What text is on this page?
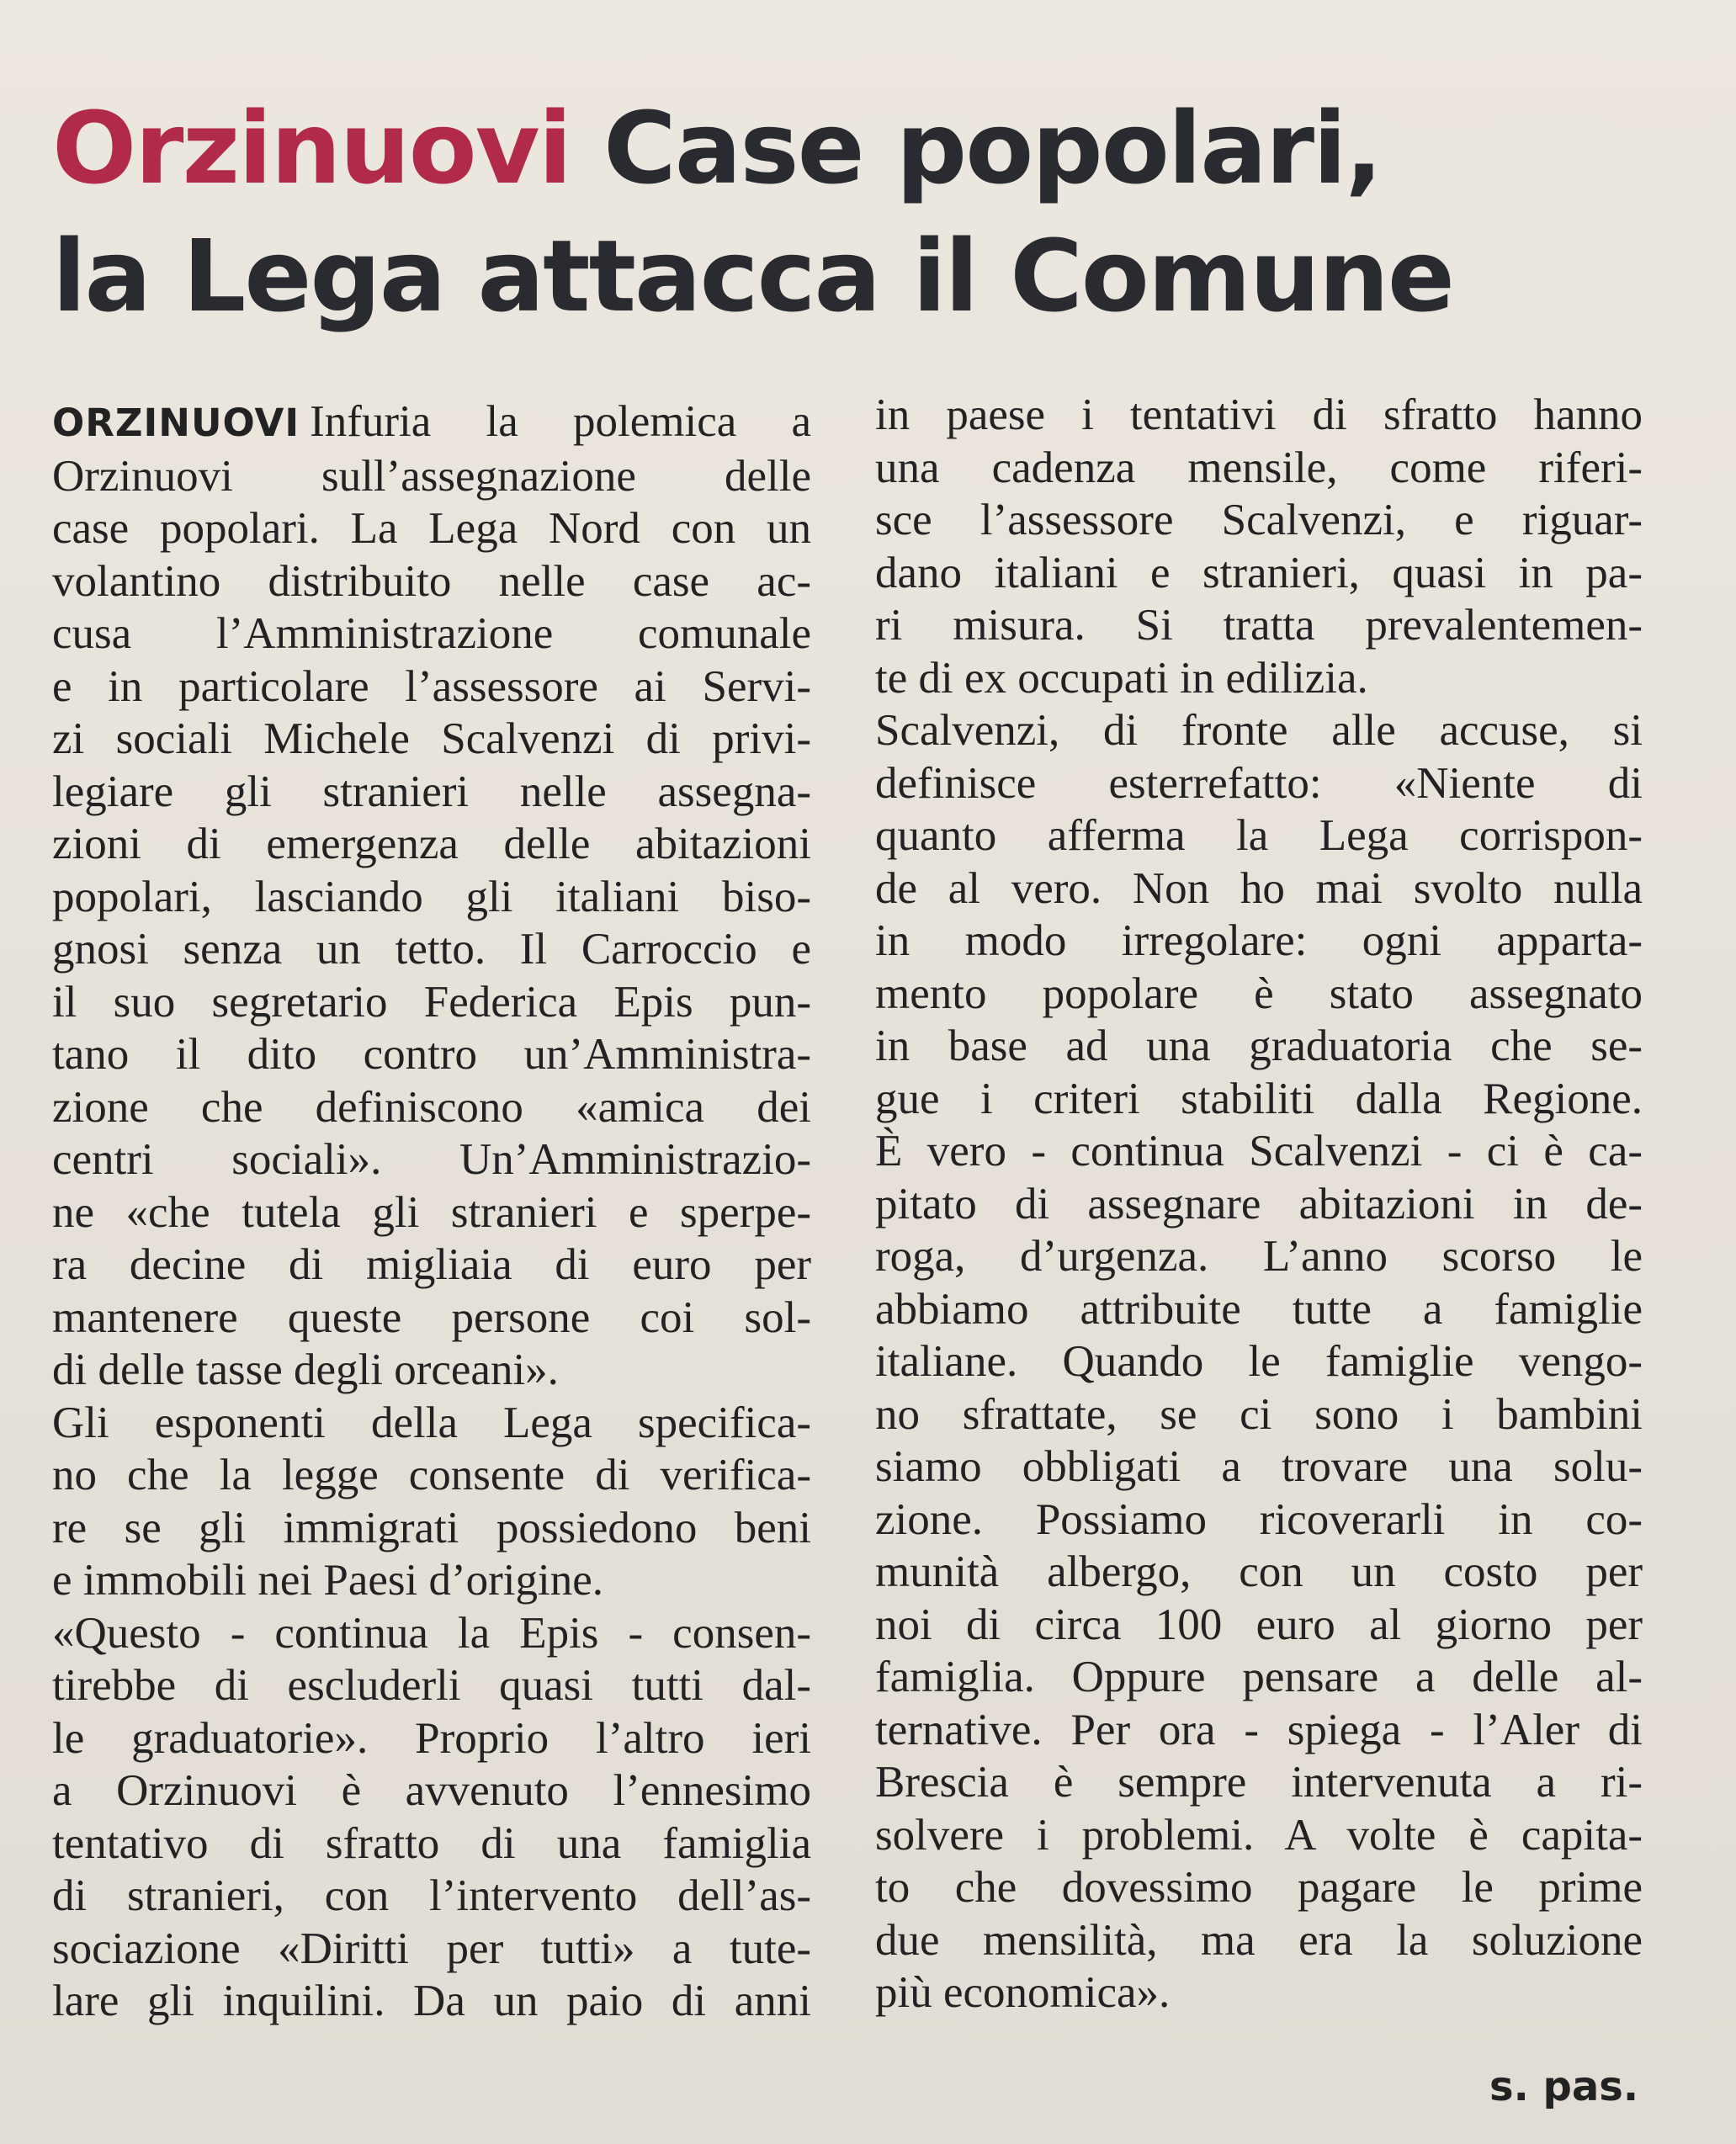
Orzinuovi Case popolari,
la Lega attacca il Comune
ORZINUOVI Infuria la polemica a
Orzinuovi sull’assegnazione delle
case popolari. La Lega Nord con un
volantino distribuito nelle case ac-
cusa l’Amministrazione comunale
e in particolare l’assessore ai Servi-
zi sociali Michele Scalvenzi di privi-
legiare gli stranieri nelle assegna-
zioni di emergenza delle abitazioni
popolari, lasciando gli italiani biso-
gnosi senza un tetto. Il Carroccio e
il suo segretario Federica Epis pun-
tano il dito contro un’Amministra-
zione che definiscono «amica dei
centri sociali». Un’Amministrazio-
ne «che tutela gli stranieri e sperpe-
ra decine di migliaia di euro per
mantenere queste persone coi sol-
di delle tasse degli orceani».
Gli esponenti della Lega specifica-
no che la legge consente di verifica-
re se gli immigrati possiedono beni
e immobili nei Paesi d’origine.
«Questo - continua la Epis - consen-
tirebbe di escluderli quasi tutti dal-
le graduatorie». Proprio l’altro ieri
a Orzinuovi è avvenuto l’ennesimo
tentativo di sfratto di una famiglia
di stranieri, con l’intervento dell’as-
sociazione «Diritti per tutti» a tute-
lare gli inquilini. Da un paio di anni
in paese i tentativi di sfratto hanno
una cadenza mensile, come riferi-
sce l’assessore Scalvenzi, e riguar-
dano italiani e stranieri, quasi in pa-
ri misura. Si tratta prevalentemen-
te di ex occupati in edilizia.
Scalvenzi, di fronte alle accuse, si
definisce esterrefatto: «Niente di
quanto afferma la Lega corrispon-
de al vero. Non ho mai svolto nulla
in modo irregolare: ogni apparta-
mento popolare è stato assegnato
in base ad una graduatoria che se-
gue i criteri stabiliti dalla Regione.
È vero - continua Scalvenzi - ci è ca-
pitato di assegnare abitazioni in de-
roga, d’urgenza. L’anno scorso le
abbiamo attribuite tutte a famiglie
italiane. Quando le famiglie vengo-
no sfrattate, se ci sono i bambini
siamo obbligati a trovare una solu-
zione. Possiamo ricoverarli in co-
munità albergo, con un costo per
noi di circa 100 euro al giorno per
famiglia. Oppure pensare a delle al-
ternative. Per ora - spiega - l’Aler di
Brescia è sempre intervenuta a ri-
solvere i problemi. A volte è capita-
to che dovessimo pagare le prime
due mensilità, ma era la soluzione
più economica».
s. pas.
